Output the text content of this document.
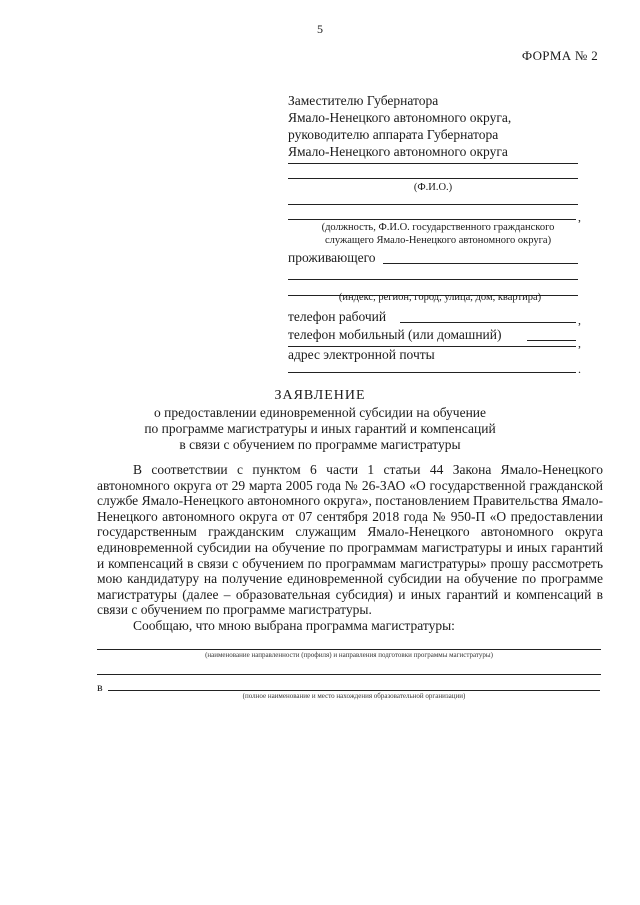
5
ФОРМА № 2
Заместителю Губернатора
Ямало-Ненецкого автономного округа,
руководителю аппарата Губернатора
Ямало-Ненецкого автономного округа
(Ф.И.О.)
,
(должность, Ф.И.О. государственного гражданского
служащего Ямало-Ненецкого автономного округа)
проживающего
(индекс, регион, город, улица, дом, квартира)
телефон рабочий	,
телефон мобильный (или домашний)
,
адрес электронной почты
.
ЗАЯВЛЕНИЕ
о предоставлении единовременной субсидии на обучение
по программе магистратуры и иных гарантий и компенсаций
в связи с обучением по программе магистратуры

В соответствии с пунктом 6 части 1 статьи 44 Закона Ямало-Ненецкого автономного округа от 29 марта 2005 года № 26-ЗАО «О государственной гражданской службе Ямало-Ненецкого автономного округа», постановлением Правительства Ямало-Ненецкого автономного округа от 07 сентября 2018 года № 950-П «О предоставлении государственным гражданским служащим Ямало-Ненецкого автономного округа единовременной субсидии на обучение по программам магистратуры и иных гарантий и компенсаций в связи с обучением по программам магистратуры» прошу рассмотреть мою кандидатуру на получение единовременной субсидии на обучение по программе магистратуры (далее – образовательная субсидия) и иных гарантий и компенсаций в связи с обучением по программе магистратуры.

Сообщаю, что мною выбрана программа магистратуры:

(наименование направленности (профиля) и направления подготовки программы магистратуры)
в
(полное наименование и место нахождения образовательной организации)
